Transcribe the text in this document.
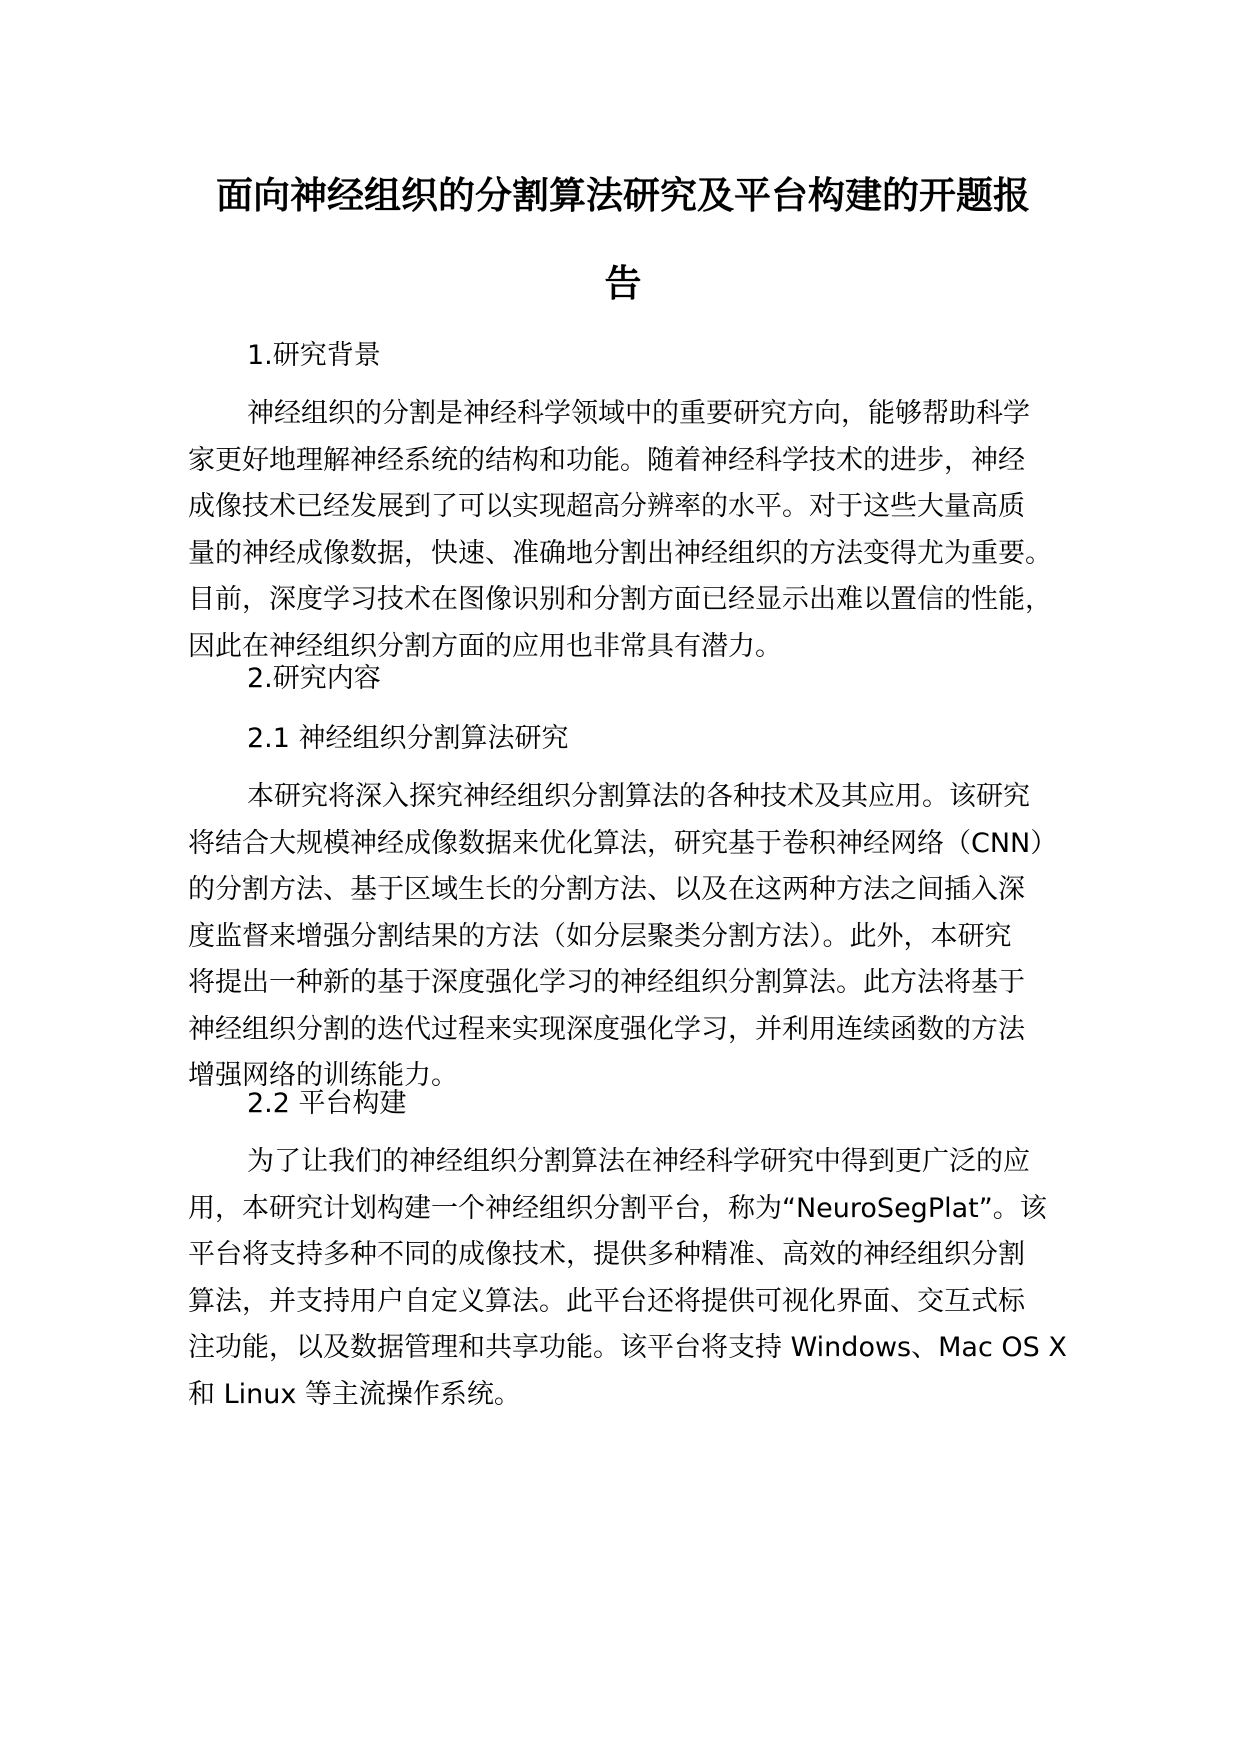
面向神经组织的分割算法研究及平台构建的开题报
告

1.研究背景

神经组织的分割是神经科学领域中的重要研究方向，能够帮助科学
家更好地理解神经系统的结构和功能。随着神经科学技术的进步，神经
成像技术已经发展到了可以实现超高分辨率的水平。对于这些大量高质
量的神经成像数据，快速、准确地分割出神经组织的方法变得尤为重要。
目前，深度学习技术在图像识别和分割方面已经显示出难以置信的性能，
因此在神经组织分割方面的应用也非常具有潜力。

2.研究内容

2.1 神经组织分割算法研究

本研究将深入探究神经组织分割算法的各种技术及其应用。该研究
将结合大规模神经成像数据来优化算法，研究基于卷积神经网络（CNN）
的分割方法、基于区域生长的分割方法、以及在这两种方法之间插入深
度监督来增强分割结果的方法（如分层聚类分割方法）。此外，本研究
将提出一种新的基于深度强化学习的神经组织分割算法。此方法将基于
神经组织分割的迭代过程来实现深度强化学习，并利用连续函数的方法
增强网络的训练能力。

2.2 平台构建

为了让我们的神经组织分割算法在神经科学研究中得到更广泛的应
用，本研究计划构建一个神经组织分割平台，称为“NeuroSegPlat”。该
平台将支持多种不同的成像技术，提供多种精准、高效的神经组织分割
算法，并支持用户自定义算法。此平台还将提供可视化界面、交互式标
注功能，以及数据管理和共享功能。该平台将支持 Windows、Mac OS X
和 Linux 等主流操作系统。
